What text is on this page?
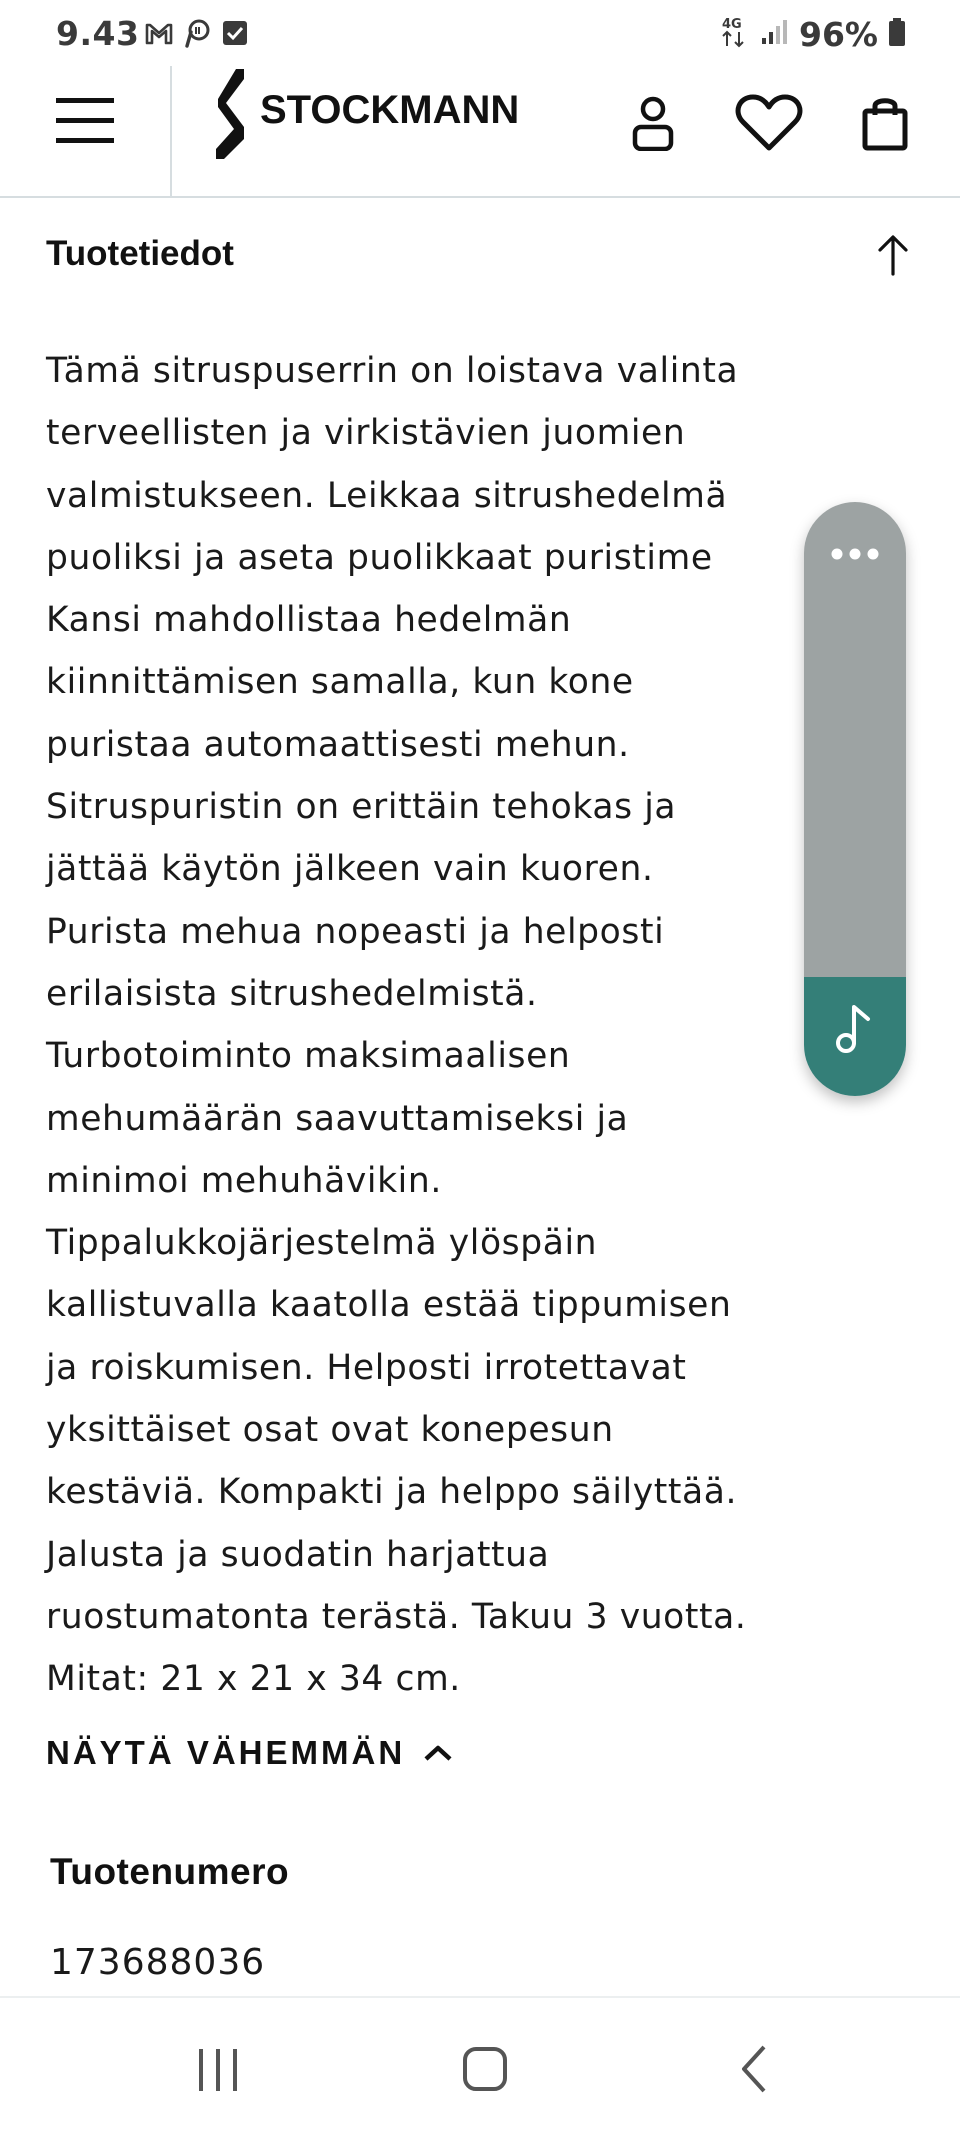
9.43	4G 96%
STOCKMANN
Tuotetiedot
Tämä sitruspuserrin on loistava valinta
terveellisten ja virkistävien juomien
valmistukseen. Leikkaa sitrushedelmä
puoliksi ja aseta puolikkaat puristime
Kansi mahdollistaa hedelmän
kiinnittämisen samalla, kun kone
puristaa automaattisesti mehun.
Sitruspuristin on erittäin tehokas ja
jättää käytön jälkeen vain kuoren.
Purista mehua nopeasti ja helposti
erilaisista sitrushedelmistä.
Turbotoiminto maksimaalisen
mehumäärän saavuttamiseksi ja
minimoi mehuhävikin.
Tippalukkojärjestelmä ylöspäin
kallistuvalla kaatolla estää tippumisen
ja roiskumisen. Helposti irrotettavat
yksittäiset osat ovat konepesun
kestäviä. Kompakti ja helppo säilyttää.
Jalusta ja suodatin harjattua
ruostumatonta terästä. Takuu 3 vuotta.
Mitat: 21 x 21 x 34 cm.
NÄYTÄ VÄHEMMÄN
Tuotenumero
173688036
